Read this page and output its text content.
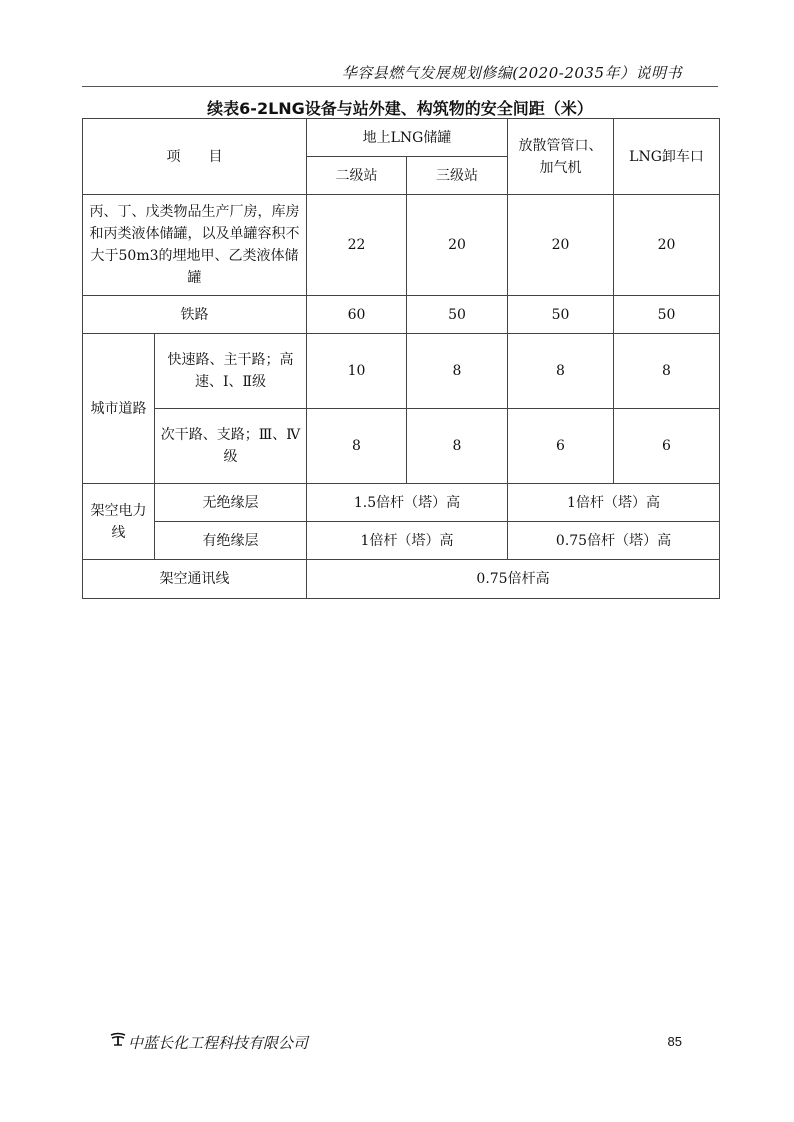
华容县燃气发展规划修编(2020-2035年）说明书
续表6-2LNG设备与站外建、构筑物的安全间距（米）
项　　目		地上LNG储罐		放散管管口、加气机	LNG卸车口
		二级站	三级站		
丙、丁、戊类物品生产厂房，库房和丙类液体储罐，以及单罐容积不大于50m3的埋地甲、乙类液体储罐		22	20	20	20
铁路		60	50	50	50
城市道路	快速路、主干路；高速、Ⅰ、Ⅱ级	10	8	8	8
	次干路、支路；Ⅲ、Ⅳ级	8	8	6	6
架空电力线	无绝缘层	1.5倍杆（塔）高		1倍杆（塔）高	
	有绝缘层	1倍杆（塔）高		0.75倍杆（塔）高	
架空通讯线		0.75倍杆高			
中蓝长化工程科技有限公司	85
